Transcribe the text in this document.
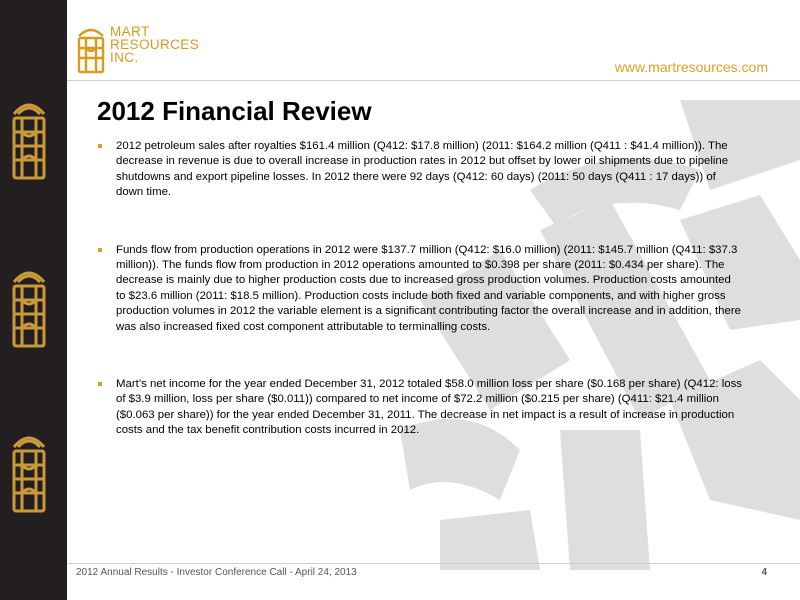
MART
RESOURCES
INC.
www.martresources.com
2012 Financial Review
2012 petroleum sales after royalties $161.4 million (Q412: $17.8 million) (2011: $164.2 million (Q411 : $41.4 million)). The decrease in revenue is due to overall increase in production rates in 2012 but offset by lower oil shipments due to pipeline shutdowns and export pipeline losses. In 2012 there were 92 days (Q412: 60 days) (2011: 50 days (Q411 : 17 days)) of down time.
Funds flow from production operations in 2012 were $137.7 million (Q412: $16.0 million) (2011: $145.7 million (Q411: $37.3 million)). The funds flow from production in 2012 operations amounted to $0.398 per share (2011: $0.434 per share). The decrease is mainly due to higher production costs due to increased gross production volumes. Production costs amounted to $23.6 million (2011: $18.5 million). Production costs include both fixed and variable components, and with higher gross production volumes in 2012 the variable element is a significant contributing factor the overall increase and in addition, there was also increased fixed cost component attributable to terminalling costs.
Mart’s net income for the year ended December 31, 2012 totaled $58.0 million loss per share ($0.168 per share) (Q412: loss of $3.9 million, loss per share ($0.011)) compared to net income of $72.2 million ($0.215 per share) (Q411: $21.4 million ($0.063 per share)) for the year ended December 31, 2011. The decrease in net impact is a result of increase in production costs and the tax benefit contribution costs incurred in 2012.
2012 Annual Results - Investor Conference Call - April 24, 2013	4
